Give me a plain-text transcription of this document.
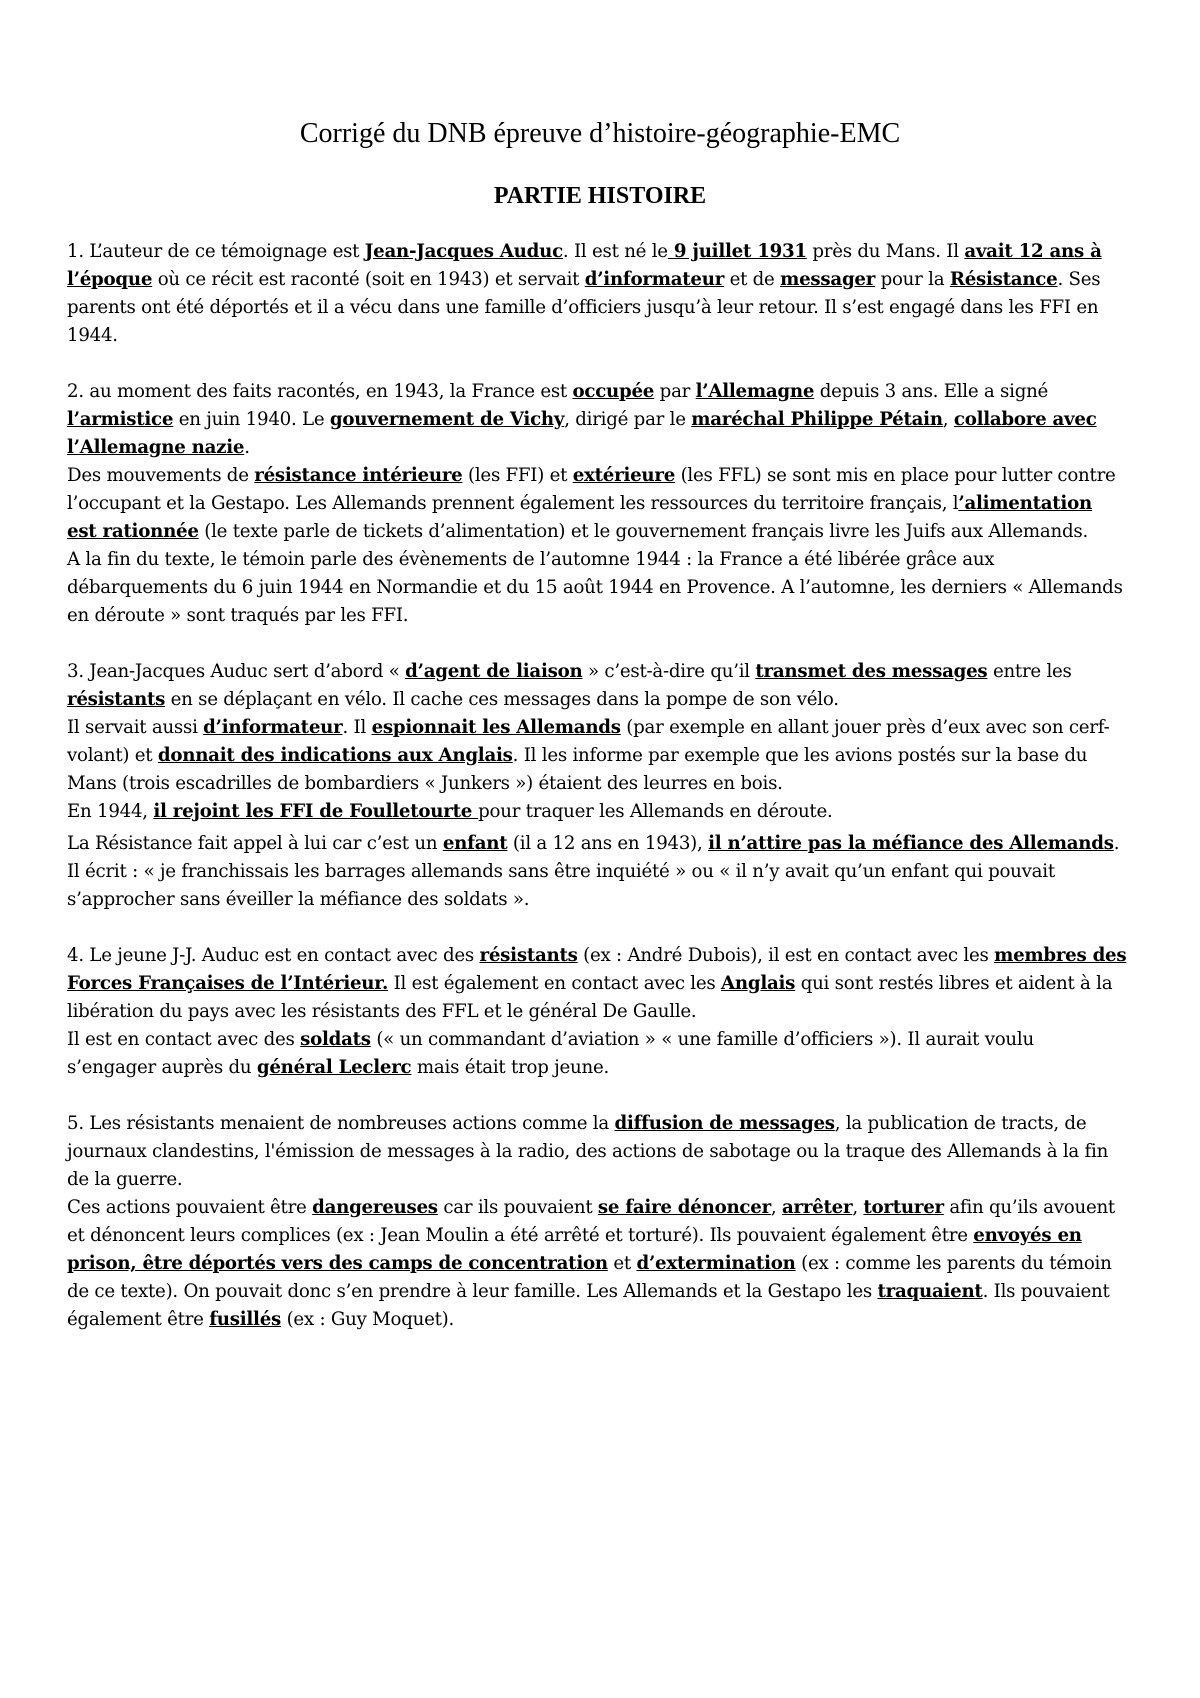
Corrigé du DNB épreuve d’histoire-géographie-EMC
PARTIE HISTOIRE

1. L’auteur de ce témoignage est Jean-Jacques Auduc. Il est né le 9 juillet 1931 près du Mans. Il avait 12 ans à l’époque où ce récit est raconté (soit en 1943) et servait d’informateur et de messager pour la Résistance. Ses parents ont été déportés et il a vécu dans une famille d’officiers jusqu’à leur retour. Il s’est engagé dans les FFI en 1944.

2. au moment des faits racontés, en 1943, la France est occupée par l’Allemagne depuis 3 ans. Elle a signé l’armistice en juin 1940. Le gouvernement de Vichy, dirigé par le maréchal Philippe Pétain, collabore avec l’Allemagne nazie.

Des mouvements de résistance intérieure (les FFI) et extérieure (les FFL) se sont mis en place pour lutter contre l’occupant et la Gestapo. Les Allemands prennent également les ressources du territoire français, l’alimentation est rationnée (le texte parle de tickets d’alimentation) et le gouvernement français livre les Juifs aux Allemands.

A la fin du texte, le témoin parle des évènements de l’automne 1944 : la France a été libérée grâce aux débarquements du 6 juin 1944 en Normandie et du 15 août 1944 en Provence. A l’automne, les derniers « Allemands en déroute » sont traqués par les FFI.

3. Jean-Jacques Auduc sert d’abord « d’agent de liaison » c’est-à-dire qu’il transmet des messages entre les résistants en se déplaçant en vélo. Il cache ces messages dans la pompe de son vélo.

Il servait aussi d’informateur. Il espionnait les Allemands (par exemple en allant jouer près d’eux avec son cerf-volant) et donnait des indications aux Anglais. Il les informe par exemple que les avions postés sur la base du Mans (trois escadrilles de bombardiers « Junkers ») étaient des leurres en bois.

En 1944, il rejoint les FFI de Foulletourte pour traquer les Allemands en déroute.

La Résistance fait appel à lui car c’est un enfant (il a 12 ans en 1943), il n’attire pas la méfiance des Allemands. Il écrit : « je franchissais les barrages allemands sans être inquiété » ou « il n’y avait qu’un enfant qui pouvait s’approcher sans éveiller la méfiance des soldats ».

4. Le jeune J-J. Auduc est en contact avec des résistants (ex : André Dubois), il est en contact avec les membres des Forces Françaises de l’Intérieur. Il est également en contact avec les Anglais qui sont restés libres et aident à la libération du pays avec les résistants des FFL et le général De Gaulle.

Il est en contact avec des soldats (« un commandant d’aviation » « une famille d’officiers »). Il aurait voulu s’engager auprès du général Leclerc mais était trop jeune.

5. Les résistants menaient de nombreuses actions comme la diffusion de messages, la publication de tracts, de journaux clandestins, l'émission de messages à la radio, des actions de sabotage ou la traque des Allemands à la fin de la guerre.

Ces actions pouvaient être dangereuses car ils pouvaient se faire dénoncer, arrêter, torturer afin qu’ils avouent et dénoncent leurs complices (ex : Jean Moulin a été arrêté et torturé). Ils pouvaient également être envoyés en prison, être déportés vers des camps de concentration et d’extermination (ex : comme les parents du témoin de ce texte). On pouvait donc s’en prendre à leur famille. Les Allemands et la Gestapo les traquaient. Ils pouvaient également être fusillés (ex : Guy Moquet).
